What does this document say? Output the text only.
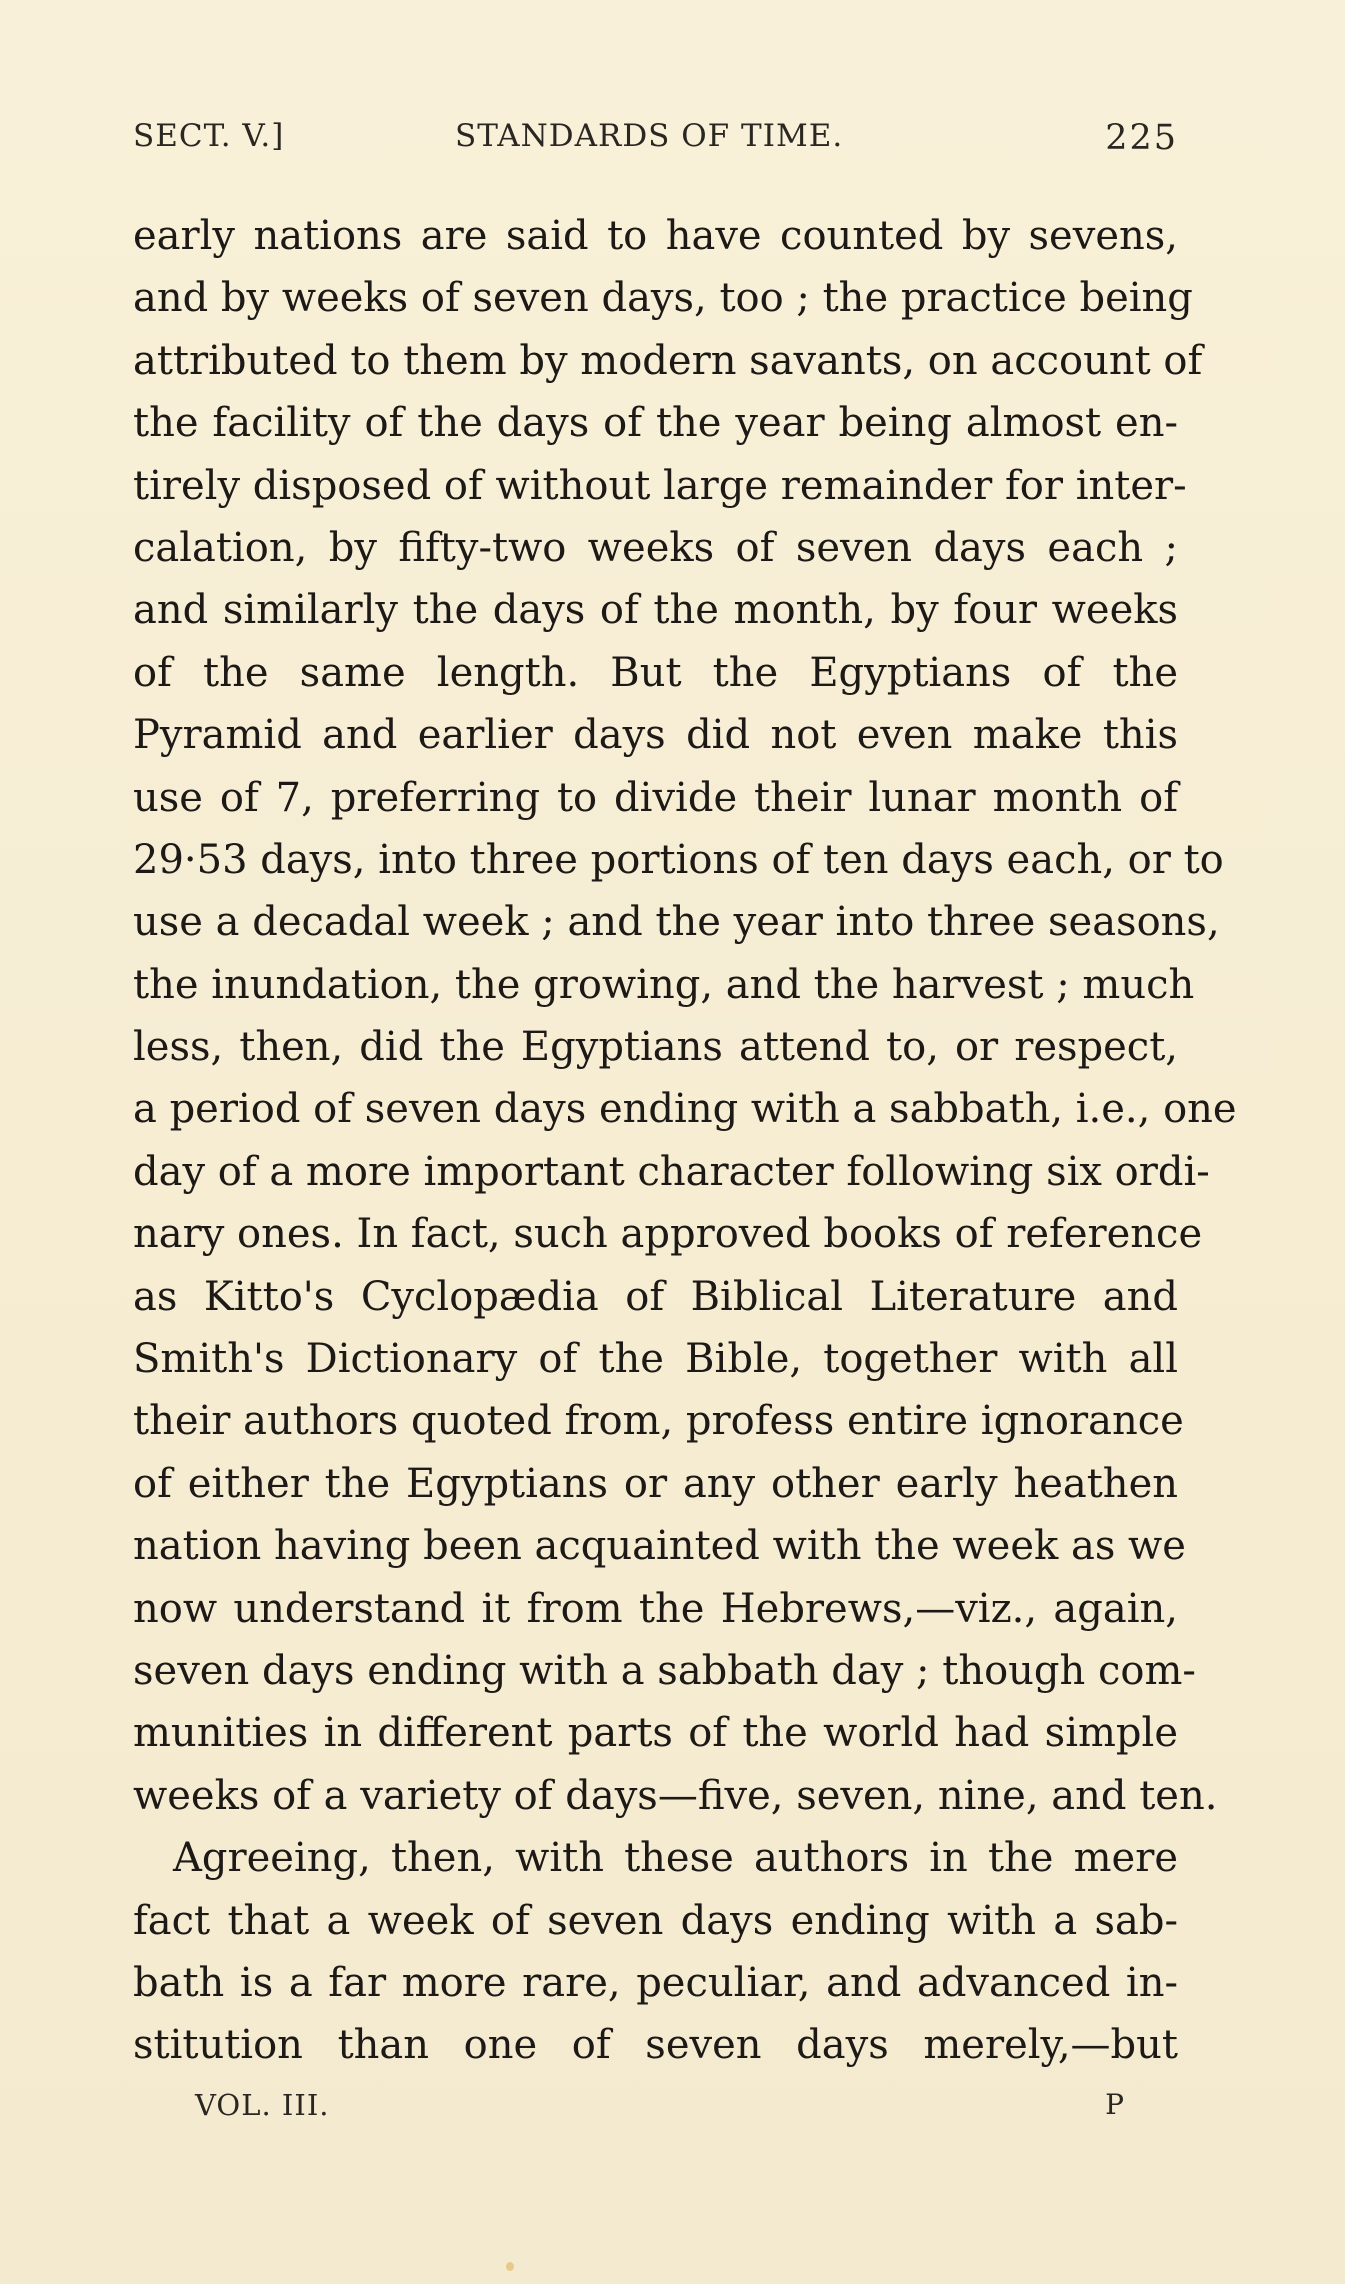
SECT. V.]	STANDARDS OF TIME.	225
early nations are said to have counted by sevens,
and by weeks of seven days, too ; the practice being
attributed to them by modern savants, on account of
the facility of the days of the year being almost en-
tirely disposed of without large remainder for inter-
calation, by fifty-two weeks of seven days each ;
and similarly the days of the month, by four weeks
of the same length. But the Egyptians of the
Pyramid and earlier days did not even make this
use of 7, preferring to divide their lunar month of
29·53 days, into three portions of ten days each, or to
use a decadal week ; and the year into three seasons,
the inundation, the growing, and the harvest ; much
less, then, did the Egyptians attend to, or respect,
a period of seven days ending with a sabbath, i.e., one
day of a more important character following six ordi-
nary ones. In fact, such approved books of reference
as Kitto's Cyclopædia of Biblical Literature and
Smith's Dictionary of the Bible, together with all
their authors quoted from, profess entire ignorance
of either the Egyptians or any other early heathen
nation having been acquainted with the week as we
now understand it from the Hebrews,—viz., again,
seven days ending with a sabbath day ; though com-
munities in different parts of the world had simple
weeks of a variety of days—five, seven, nine, and ten.
Agreeing, then, with these authors in the mere
fact that a week of seven days ending with a sab-
bath is a far more rare, peculiar, and advanced in-
stitution than one of seven days merely,—but
VOL. III.	P
